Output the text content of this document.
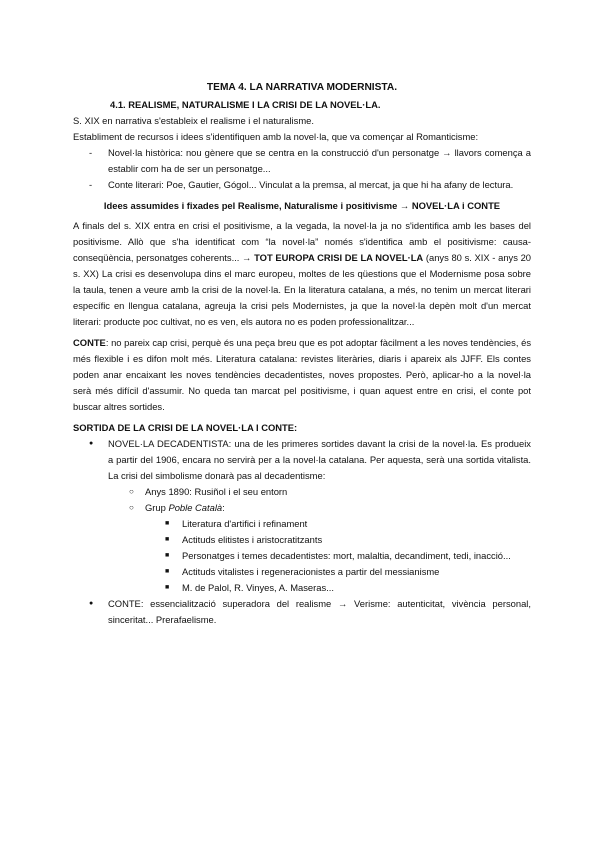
TEMA 4. LA NARRATIVA MODERNISTA.

4.1. REALISME, NATURALISME I LA CRISI DE LA NOVEL·LA.

S. XIX en narrativa s'estableix el realisme i el naturalisme.

Establiment de recursos i idees s'identifiquen amb la novel·la, que va començar al Romanticisme:

- Novel·la històrica: nou gènere que se centra en la construcció d'un personatge → llavors comença a establir com ha de ser un personatge...
- Conte literari: Poe, Gautier, Gógol... Vinculat a la premsa, al mercat, ja que hi ha afany de lectura.

Idees assumides i fixades pel Realisme, Naturalisme i positivisme → NOVEL·LA i CONTE

A finals del s. XIX entra en crisi el positivisme, a la vegada, la novel·la ja no s'identifica amb les bases del positivisme. Allò que s'ha identificat com “la novel·la” només s'identifica amb el positivisme: causa-conseqüència, personatges coherents... → TOT EUROPA CRISI DE LA NOVEL·LA (anys 80 s. XIX - anys 20 s. XX) La crisi es desenvolupa dins el marc europeu, moltes de les qüestions que el Modernisme posa sobre la taula, tenen a veure amb la crisi de la novel·la. En la literatura catalana, a més, no tenim un mercat literari específic en llengua catalana, agreuja la crisi pels Modernistes, ja que la novel·la depèn molt d'un mercat literari: producte poc cultivat, no es ven, els autora no es poden professionalitzar...

CONTE: no pareix cap crisi, perquè és una peça breu que es pot adoptar fàcilment a les noves tendències, és més flexible i es difon molt més. Literatura catalana: revistes literàries, diaris i apareix als JJFF. Els contes poden anar encaixant les noves tendències decadentistes, noves propostes. Però, aplicar-ho a la novel·la serà més difícil d'assumir. No queda tan marcat pel positivisme, i quan aquest entre en crisi, el conte pot buscar altres sortides.

SORTIDA DE LA CRISI DE LA NOVEL·LA I CONTE:

● NOVEL·LA DECADENTISTA: una de les primeres sortides davant la crisi de la novel·la. Es produeix a partir del 1906, encara no servirà per a la novel·la catalana. Per aquesta, serà una sortida vitalista. La crisi del simbolisme donarà pas al decadentisme:
○ Anys 1890: Rusiñol i el seu entorn
○ Grup Poble Català:
■ Literatura d'artifici i refinament
■ Actituds elitistes i aristocratitzants
■ Personatges i temes decadentistes: mort, malaltia, decandiment, tedi, inacció...
■ Actituds vitalistes i regeneracionistes a partir del messianisme
■ M. de Palol, R. Vinyes, A. Maseras...
● CONTE: essencialització superadora del realisme → Verisme: autenticitat, vivència personal, sinceritat... Prerafaelisme.
